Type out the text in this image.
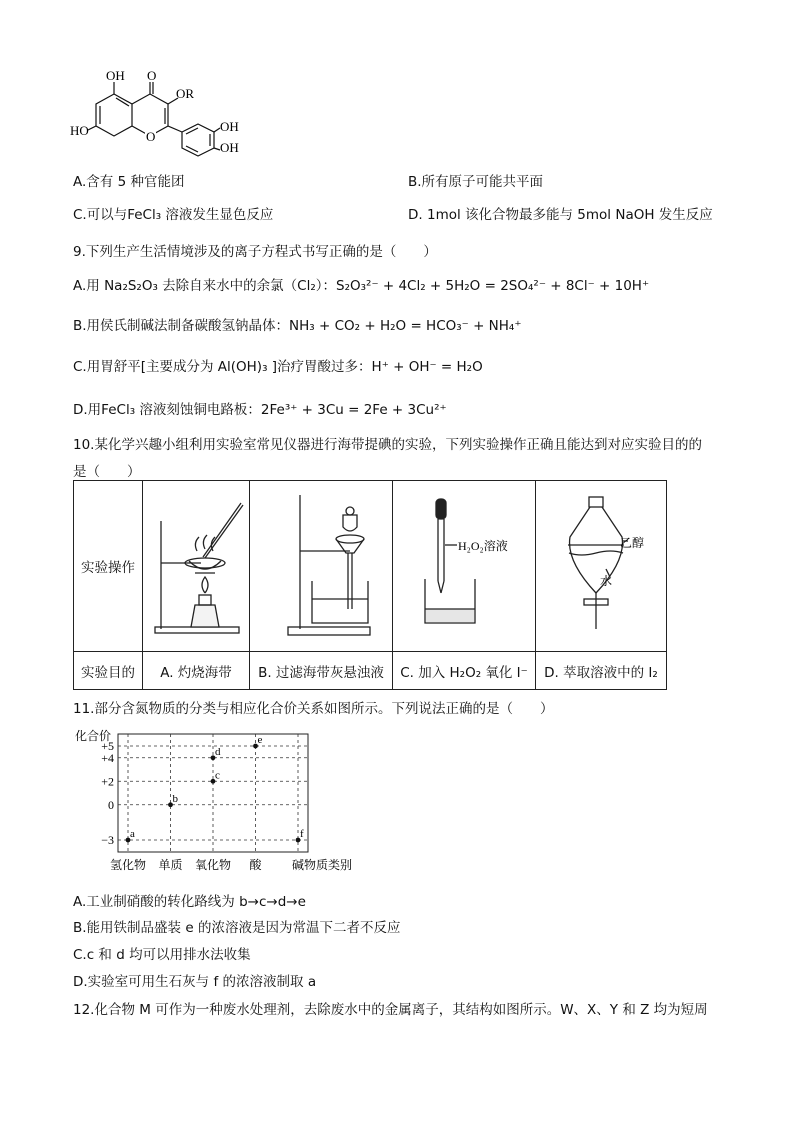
OH O
OR
HO	O
OH
OH
A.含有 5 种官能团	B.所有原子可能共平面
C.可以与FeCl₃ 溶液发生显色反应	D. 1mol 该化合物最多能与 5mol NaOH 发生反应
9.下列生产生活情境涉及的离子方程式书写正确的是（　　）
A.用 Na₂S₂O₃ 去除自来水中的余氯（Cl₂）：S₂O₃²⁻ + 4Cl₂ + 5H₂O = 2SO₄²⁻ + 8Cl⁻ + 10H⁺
B.用侯氏制碱法制备碳酸氢钠晶体：NH₃ + CO₂ + H₂O = HCO₃⁻ + NH₄⁺
C.用胃舒平[主要成分为 Al(OH)₃ ]治疗胃酸过多：H⁺ + OH⁻ = H₂O
D.用FeCl₃ 溶液刻蚀铜电路板：2Fe³⁺ + 3Cu = 2Fe + 3Cu²⁺
10.某化学兴趣小组利用实验室常见仪器进行海带提碘的实验，下列实验操作正确且能达到对应实验目的的
是（　　）
实验操作			H₂O₂溶液	乙醇
水

实验目的	A. 灼烧海带	B. 过滤海带灰悬浊液	C. 加入 H₂O₂ 氧化 I⁻	D. 萃取溶液中的 I₂
11.部分含氮物质的分类与相应化合价关系如图所示。下列说法正确的是（　　）
化合价
+5
+4
+2
0
−3
氢化物 单质 氧化物 酸	碱
a
b
c
d
e
f
物质类别
A.工业制硝酸的转化路线为 b→c→d→e
B.能用铁制品盛装 e 的浓溶液是因为常温下二者不反应
C.c 和 d 均可以用排水法收集
D.实验室可用生石灰与 f 的浓溶液制取 a
12.化合物 M 可作为一种废水处理剂，去除废水中的金属离子，其结构如图所示。W、X、Y 和 Z 均为短周
